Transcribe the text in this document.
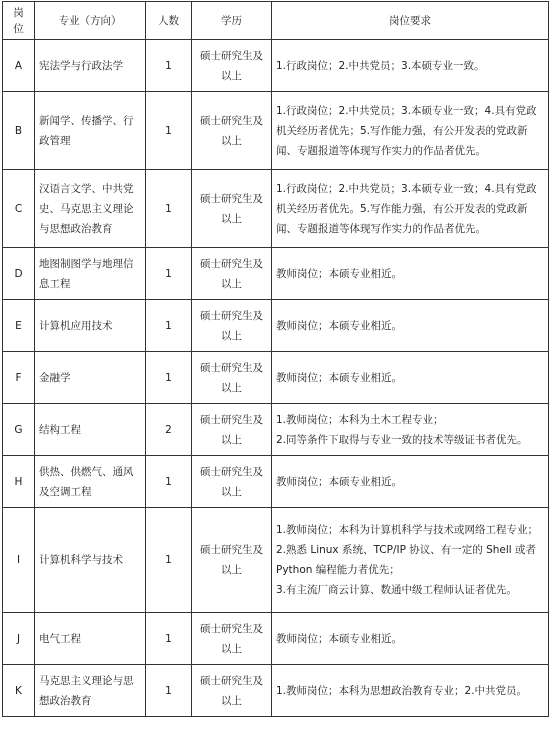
岗位	专业（方向）	人数	学历	岗位要求
A	宪法学与行政法学	1	硕士研究生及以上	1.行政岗位；2.中共党员；3.本硕专业一致。

B	新闻学、传播学、行政管理	1	硕士研究生及以上	1.行政岗位；2.中共党员；3.本硕专业一致；4.具有党政机关经历者优先；5.写作能力强，有公开发表的党政新闻、专题报道等体现写作实力的作品者优先。

C	汉语言文学、中共党史、马克思主义理论与思想政治教育	1	硕士研究生及以上	1.行政岗位；2.中共党员；3.本硕专业一致；4.具有党政机关经历者优先。5.写作能力强，有公开发表的党政新闻、专题报道等体现写作实力的作品者优先。

D	地图制图学与地理信息工程	1	硕士研究生及以上	教师岗位；本硕专业相近。

E	计算机应用技术	1	硕士研究生及以上	教师岗位；本硕专业相近。

F	金融学	1	硕士研究生及以上	教师岗位；本硕专业相近。

G	结构工程	2	硕士研究生及以上	1.教师岗位；本科为土木工程专业；
2.同等条件下取得与专业一致的技术等级证书者优先。

H	供热、供燃气、通风及空调工程	1	硕士研究生及以上	教师岗位；本硕专业相近。

I	计算机科学与技术	1	硕士研究生及以上	1.教师岗位；本科为计算机科学与技术或网络工程专业；2.熟悉 Linux 系统、TCP/IP 协议、有一定的 Shell 或者 Python 编程能力者优先；
3.有主流厂商云计算、数通中级工程师认证者优先。

J	电气工程	1	硕士研究生及以上	教师岗位；本硕专业相近。

K	马克思主义理论与思想政治教育	1	硕士研究生及以上	1.教师岗位；本科为思想政治教育专业；2.中共党员。
